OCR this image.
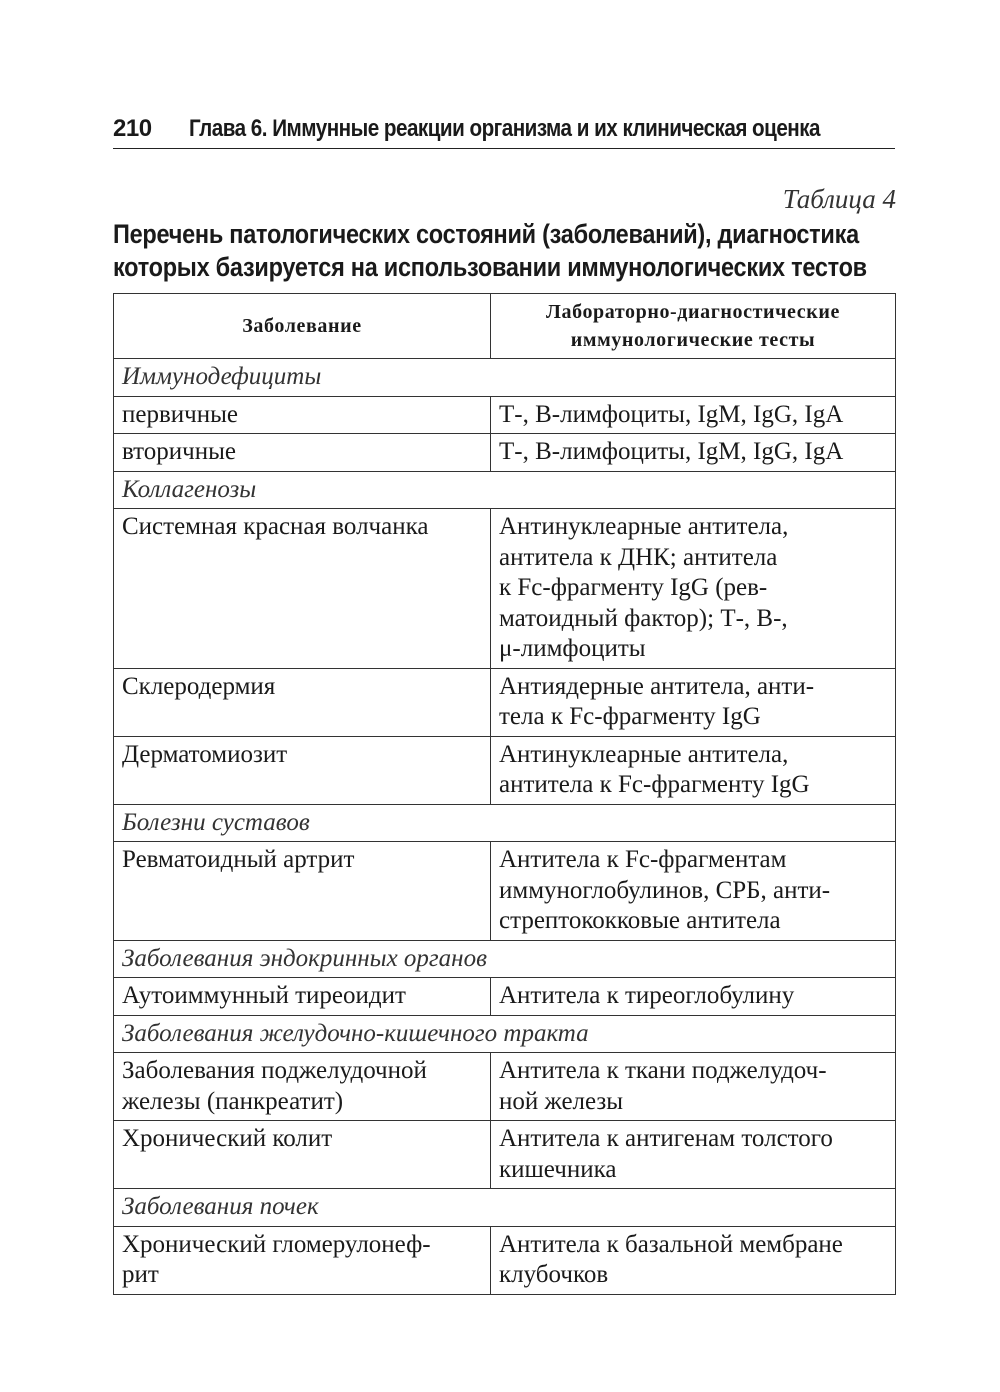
210 Глава 6. Иммунные реакции организма и их клиническая оценка
Таблица 4
Перечень патологических состояний (заболеваний), диагностика
которых базируется на использовании иммунологических тестов
Заболевание	Лабораторно-диагностические
иммунологические тесты

Иммунодефициты	

первичные	Т-, В-лимфоциты, IgM, IgG, IgA

вторичные	Т-, В-лимфоциты, IgM, IgG, IgA

Коллагенозы	

Системная красная волчанка	Антинуклеарные антитела,
антитела к ДНК; антитела
к Fc-фрагменту IgG (рев-
матоидный фактор); Т-, В-,
μ-лимфоциты

Склеродермия	Антиядерные антитела, анти-
тела к Fc-фрагменту IgG

Дерматомиозит	Антинуклеарные антитела,
антитела к Fc-фрагменту IgG

Болезни суставов	

Ревматоидный артрит	Антитела к Fc-фрагментам
иммуноглобулинов, СРБ, анти-
стрептококковые антитела

Заболевания эндокринных органов	

Аутоиммунный тиреоидит	Антитела к тиреоглобулину

Заболевания желудочно-кишечного тракта	

Заболевания поджелудочной
железы (панкреатит)	Антитела к ткани поджелудоч-
ной железы

Хронический колит	Антитела к антигенам толстого
кишечника

Заболевания почек	

Хронический гломерулонеф-
рит	Антитела к базальной мембране
клубочков
